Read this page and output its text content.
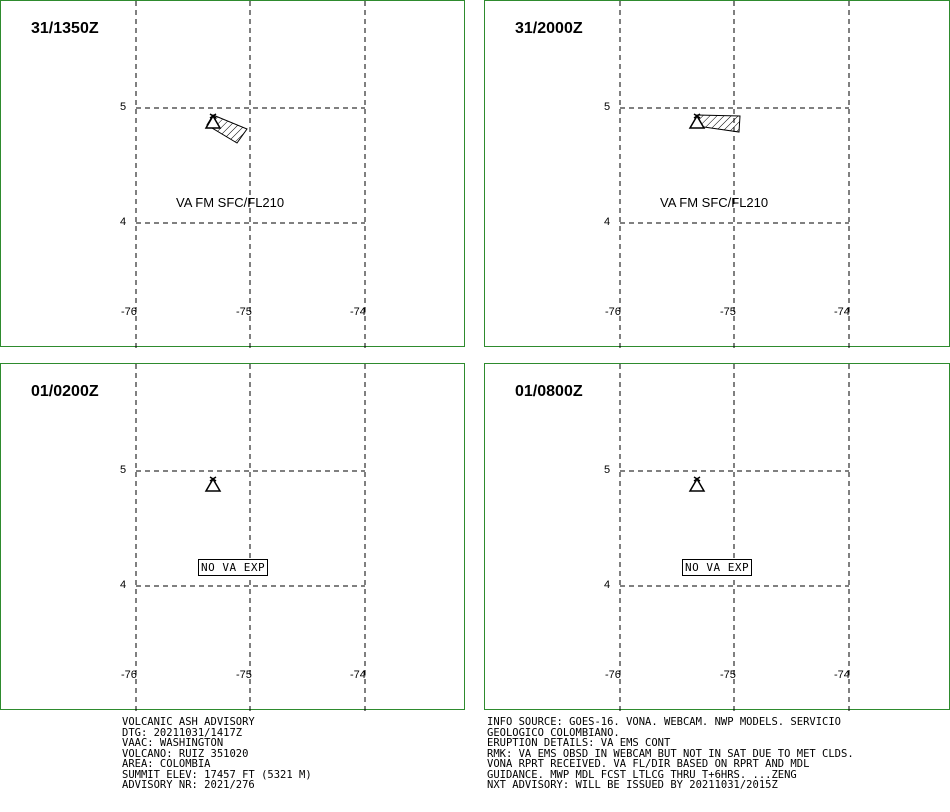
31/1350Z
5
4
-76	-75	-74
VA FM SFC/FL210
31/2000Z
5
4
-76	-75	-74
VA FM SFC/FL210
01/0200Z
5
4
-76	-75	-74
NO VA EXP
01/0800Z
5
4
-76	-75	-74
NO VA EXP
VOLCANIC ASH ADVISORY
DTG: 20211031/1417Z
VAAC: WASHINGTON
VOLCANO: RUIZ 351020
AREA: COLOMBIA
SUMMIT ELEV: 17457 FT (5321 M)
ADVISORY NR: 2021/276
INFO SOURCE: GOES-16. VONA. WEBCAM. NWP MODELS. SERVICIO
GEOLOGICO COLOMBIANO.
ERUPTION DETAILS: VA EMS CONT
RMK: VA EMS OBSD IN WEBCAM BUT NOT IN SAT DUE TO MET CLDS.
VONA RPRT RECEIVED. VA FL/DIR BASED ON RPRT AND MDL
GUIDANCE. MWP MDL FCST LTLCG THRU T+6HRS. ...ZENG
NXT ADVISORY: WILL BE ISSUED BY 20211031/2015Z
